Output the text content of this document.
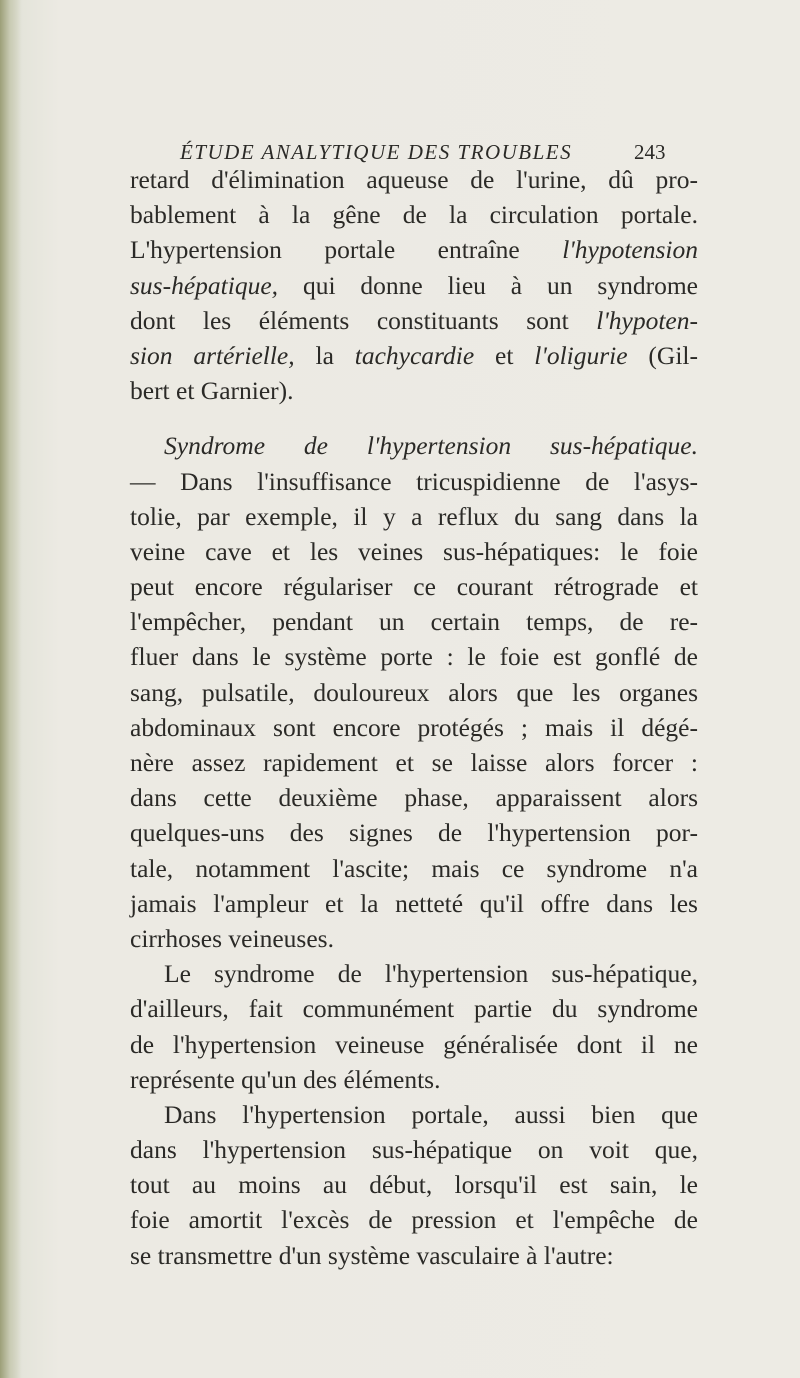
ÉTUDE ANALYTIQUE DES TROUBLES	243
retard d'élimination aqueuse de l'urine, dû pro-
bablement à la gêne de la circulation portale.
L'hypertension portale entraîne l'hypotension
sus-hépatique, qui donne lieu à un syndrome
dont les éléments constituants sont l'hypoten-
sion artérielle, la tachycardie et l'oligurie (Gil-
bert et Garnier).
Syndrome de l'hypertension sus-hépatique.
— Dans l'insuffisance tricuspidienne de l'asys-
tolie, par exemple, il y a reflux du sang dans la
veine cave et les veines sus-hépatiques: le foie
peut encore régulariser ce courant rétrograde et
l'empêcher, pendant un certain temps, de re-
fluer dans le système porte : le foie est gonflé de
sang, pulsatile, douloureux alors que les organes
abdominaux sont encore protégés ; mais il dégé-
nère assez rapidement et se laisse alors forcer :
dans cette deuxième phase, apparaissent alors
quelques-uns des signes de l'hypertension por-
tale, notamment l'ascite; mais ce syndrome n'a
jamais l'ampleur et la netteté qu'il offre dans les
cirrhoses veineuses.
Le syndrome de l'hypertension sus-hépatique,
d'ailleurs, fait communément partie du syndrome
de l'hypertension veineuse généralisée dont il ne
représente qu'un des éléments.
Dans l'hypertension portale, aussi bien que
dans l'hypertension sus-hépatique on voit que,
tout au moins au début, lorsqu'il est sain, le
foie amortit l'excès de pression et l'empêche de
se transmettre d'un système vasculaire à l'autre:
